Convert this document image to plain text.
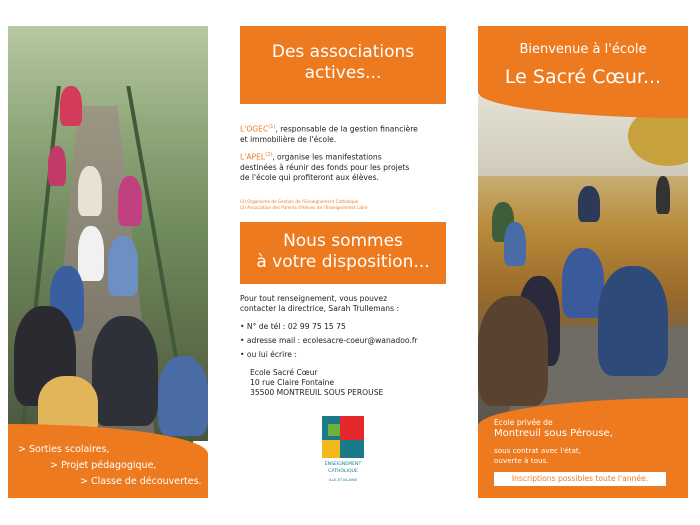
> Sorties scolaires,
> Projet pédagogique,
> Classe de découvertes.
Des associations
actives...
L'OGEC$^{(1)}$, responsable de la gestion financière
et immobilière de l'école.
L'APEL$^{(2)}$, organise les manifestations
destinées à réunir des fonds pour les projets
de l'école qui profiteront aux élèves.
(1) Organisme de Gestion de l'Enseignement Catholique
(2) Association des Parents d'élèves de l'Enseignement Libre
Nous sommes
à votre disposition...
Pour tout renseignement, vous pouvez
contacter la directrice, Sarah Trullemans :
• N° de tél : 02 99 75 15 75
• adresse mail : ecolesacre-coeur@wanadoo.fr
• ou lui écrire :
Ecole Sacré Cœur
10 rue Claire Fontaine
35500 MONTREUIL SOUS PEROUSE
ENSEIGNEMENT
CATHOLIQUE
ILLE-ET-VILAINE
Bienvenue à l'école
Le Sacré Cœur...
Ecole privée de
Montreuil sous Pérouse,
sous contrat avec l'état,
ouverte à tous.
Inscriptions possibles toute l'année.
